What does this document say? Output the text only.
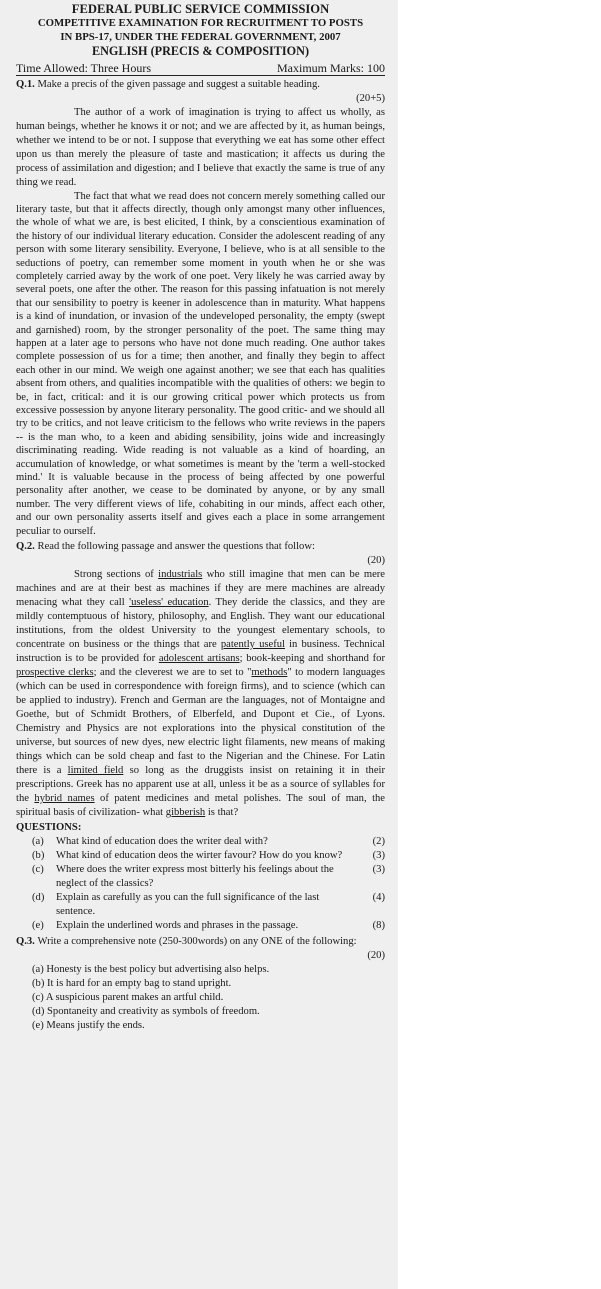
FEDERAL PUBLIC SERVICE COMMISSION

COMPETITIVE EXAMINATION FOR RECRUITMENT TO POSTS

IN BPS-17, UNDER THE FEDERAL GOVERNMENT, 2007

ENGLISH (PRECIS & COMPOSITION)

Time Allowed: Three Hours	Maximum Marks: 100
Q.1. Make a precis of the given passage and suggest a suitable heading.
(20+5)

The author of a work of imagination is trying to affect us wholly, as human beings, whether he knows it or not; and we are affected by it, as human beings, whether we intend to be or not. I suppose that everything we eat has some other effect upon us than merely the pleasure of taste and mastication; it affects us during the process of assimilation and digestion; and I believe that exactly the same is true of any thing we read.

The fact that what we read does not concern merely something called our literary taste, but that it affects directly, though only amongst many other influences, the whole of what we are, is best elicited, I think, by a conscientious examination of the history of our individual literary education. Consider the adolescent reading of any person with some literary sensibility. Everyone, I believe, who is at all sensible to the seductions of poetry, can remember some moment in youth when he or she was completely carried away by the work of one poet. Very likely he was carried away by several poets, one after the other. The reason for this passing infatuation is not merely that our sensibility to poetry is keener in adolescence than in maturity. What happens is a kind of inundation, or invasion of the undeveloped personality, the empty (swept and garnished) room, by the stronger personality of the poet. The same thing may happen at a later age to persons who have not done much reading. One author takes complete possession of us for a time; then another, and finally they begin to affect each other in our mind. We weigh one against another; we see that each has qualities absent from others, and qualities incompatible with the qualities of others: we begin to be, in fact, critical: and it is our growing critical power which protects us from excessive possession by anyone literary personality. The good critic- and we should all try to be critics, and not leave criticism to the fellows who write reviews in the papers -- is the man who, to a keen and abiding sensibility, joins wide and increasingly discriminating reading. Wide reading is not valuable as a kind of hoarding, an accumulation of knowledge, or what sometimes is meant by the 'term a well-stocked mind.' It is valuable because in the process of being affected by one powerful personality after another, we cease to be dominated by anyone, or by any small number. The very different views of life, cohabiting in our minds, affect each other, and our own personality asserts itself and gives each a place in some arrangement peculiar to ourself.

Q.2. Read the following passage and answer the questions that follow:
(20)

Strong sections of industrials who still imagine that men can be mere machines and are at their best as machines if they are mere machines are already menacing what they call 'useless' education. They deride the classics, and they are mildly contemptuous of history, philosophy, and English. They want our educational institutions, from the oldest University to the youngest elementary schools, to concentrate on business or the things that are patently useful in business. Technical instruction is to be provided for adolescent artisans; book-keeping and shorthand for prospective clerks; and the cleverest we are to set to "methods" to modern languages (which can be used in correspondence with foreign firms), and to science (which can be applied to industry). French and German are the languages, not of Montaigne and Goethe, but of Schmidt Brothers, of Elberfeld, and Dupont et Cie., of Lyons. Chemistry and Physics are not explorations into the physical constitution of the universe, but sources of new dyes, new electric light filaments, new means of making things which can be sold cheap and fast to the Nigerian and the Chinese. For Latin there is a limited field so long as the druggists insist on retaining it in their prescriptions. Greek has no apparent use at all, unless it be as a source of syllables for the hybrid names of patent medicines and metal polishes. The soul of man, the spiritual basis of civilization- what gibberish is that?

QUESTIONS:
(a)	What kind of education does the writer deal with?	(2)
(b)	What kind of education deos the wirter favour? How do you know?	(3)
(c)	Where does the writer express most bitterly his feelings about the neglect of the classics?
(3)
(d)	Explain as carefully as you can the full significance of the last sentence.
(4)
(e)	Explain the underlined words and phrases in the passage.	(8)
Q.3. Write a comprehensive note (250-300words) on any ONE of the following:
(20)
(a) Honesty is the best policy but advertising also helps.
(b) It is hard for an empty bag to stand upright.
(c) A suspicious parent makes an artful child.
(d) Spontaneity and creativity as symbols of freedom.
(e) Means justify the ends.
